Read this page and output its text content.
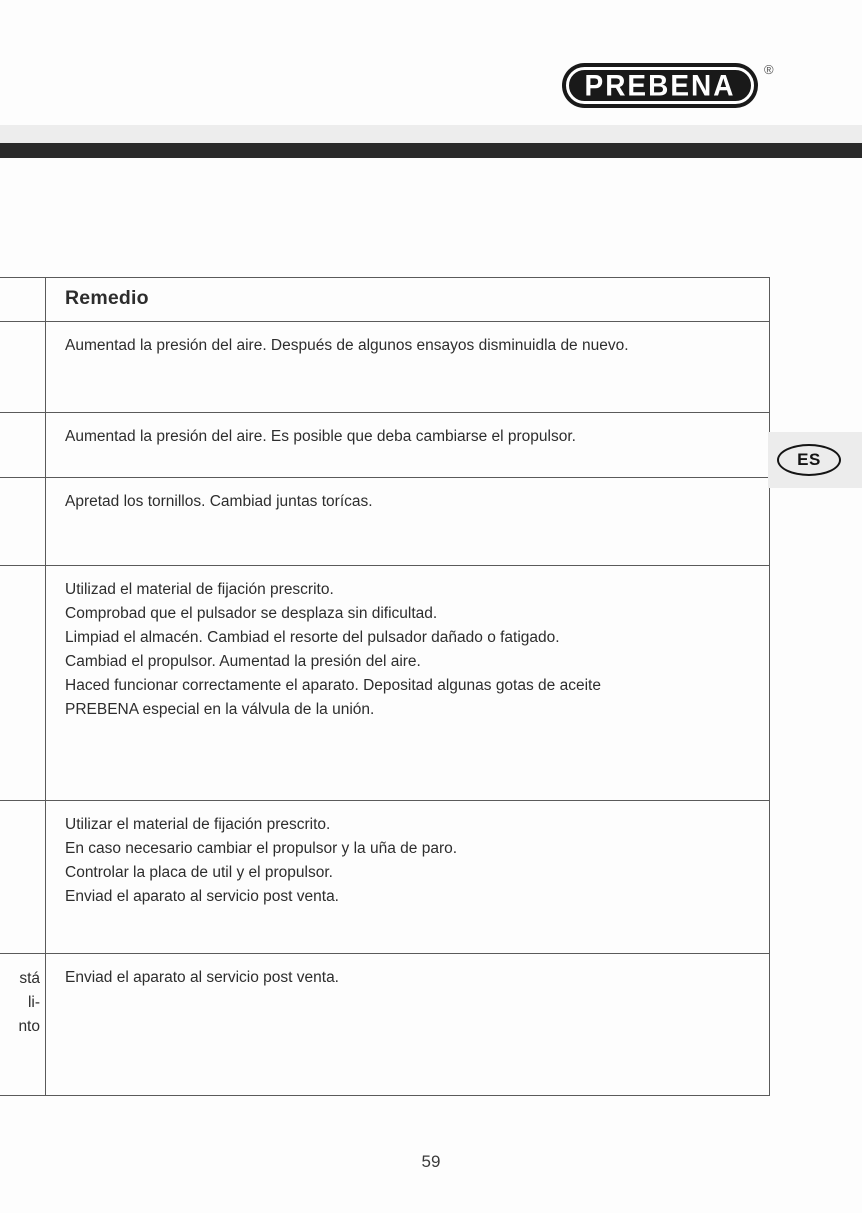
PREBENA ®
Remedio
Aumentad la presión del aire. Después de algunos ensayos disminuidla de nuevo.
Aumentad la presión del aire. Es posible que deba cambiarse el propulsor.
Apretad los tornillos. Cambiad juntas torícas.
Utilizad el material de fijación prescrito.
Comprobad que el pulsador se desplaza sin dificultad.
Limpiad el almacén. Cambiad el resorte del pulsador dañado o fatigado.
Cambiad el propulsor. Aumentad la presión del aire.
Haced funcionar correctamente el aparato. Depositad algunas gotas de aceite
PREBENA especial en la válvula de la unión.
Utilizar el material de fijación prescrito.
En caso necesario cambiar el propulsor y la uña de paro.
Controlar la placa de util y el propulsor.
Enviad el aparato al servicio post venta.
stá
li-
nto
Enviad el aparato al servicio post venta.
ES
59
